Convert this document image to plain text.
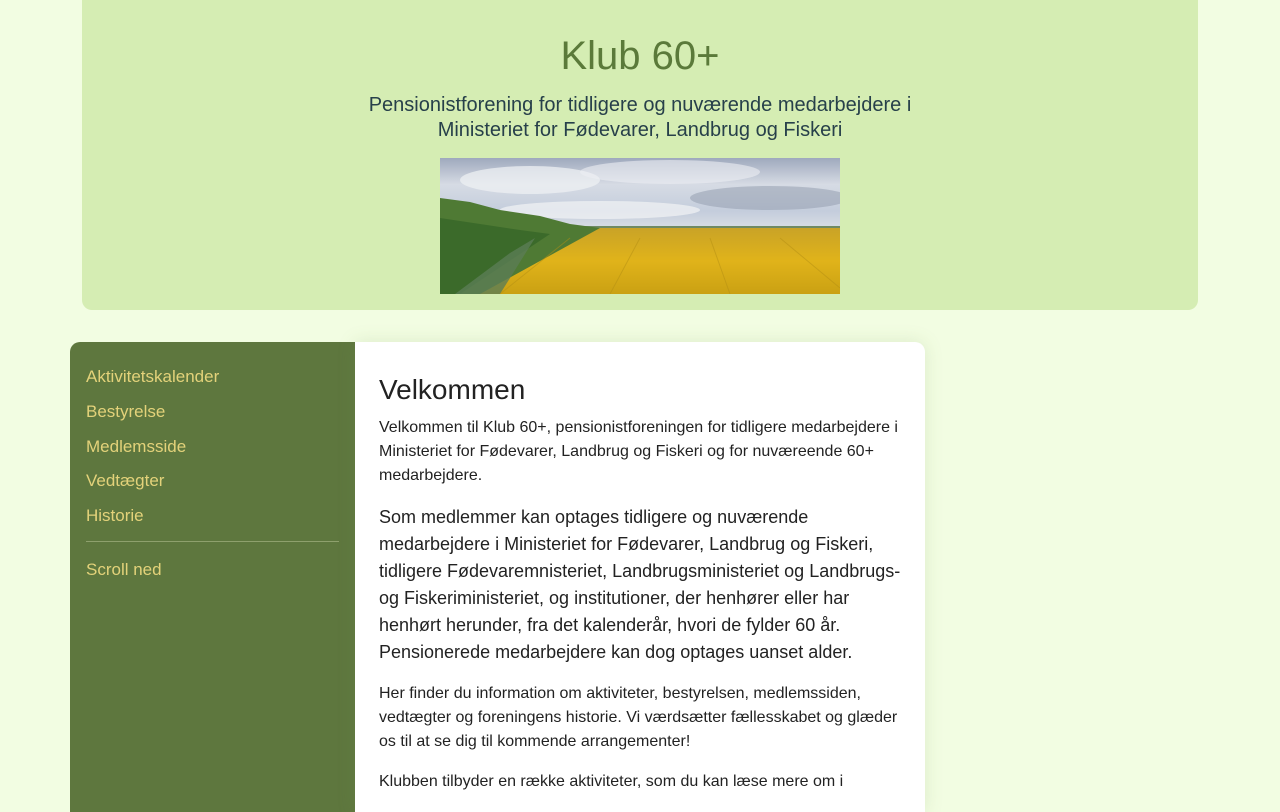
Klub 60+

Pensionistforening for tidligere og nuværende medarbejdere i Ministeriet for Fødevarer, Landbrug og Fiskeri

Aktivitetskalender
Bestyrelse
Medlemsside
Vedtægter
Historie
Scroll ned
Velkommen

Velkommen til Klub 60+, pensionistforeningen for tidligere medarbejdere i Ministeriet for Fødevarer, Landbrug og Fiskeri og for nuværeende 60+ medarbejdere.

Som medlemmer kan optages tidligere og nuværende medarbejdere i Ministeriet for Fødevarer, Landbrug og Fiskeri, tidligere Fødevaremnisteriet, Landbrugsministeriet og Landbrugs- og Fiskeriministeriet, og institutioner, der henhører eller har henhørt herunder, fra det kalenderår, hvori de fylder 60 år. Pensionerede medarbejdere kan dog optages uanset alder.

Her finder du information om aktiviteter, bestyrelsen, medlemssiden, vedtægter og foreningens historie. Vi værdsætter fællesskabet og glæder os til at se dig til kommende arrangementer!

Klubben tilbyder en række aktiviteter, som du kan læse mere om i
